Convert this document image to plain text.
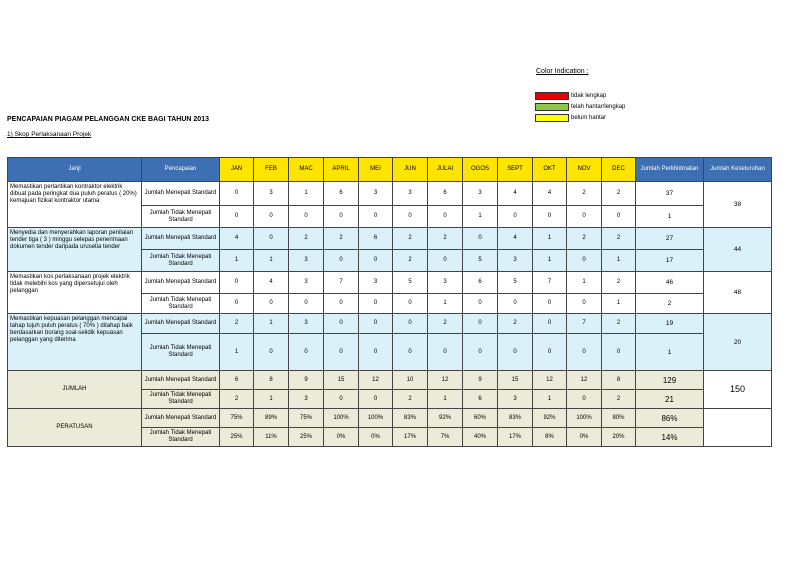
Color Indication :
tidak lengkap
telah hantar/lengkap
belum hantar
PENCAPAIAN PIAGAM PELANGGAN CKE BAGI TAHUN 2013
1) Skop Perlaksanaan Projek
Janji	Pencapaian	JAN	FEB	MAC	APRIL	MEI	JUN	JULAI	OGOS	SEPT	OKT	NOV	DEC	Jumlah Perkhidmatan	Jumlah Keseluruhan
Memastikan perlantikan kontraktor elektrik dibuat pada peringkat dua puluh peratus ( 20%) kemajuan fizikal kontraktor utama	Jumlah Menepati Standard	0	3	1	6	3	3	6	3	4	4	2	2	37	38
	Jumlah Tidak Menepati Standard	0	0	0	0	0	0	0	1	0	0	0	0	1	
Menyedia dan menyerahkan laporan penilaian tender tiga ( 3 ) minggu selepas penerimaan dokumen tender daripada urusetia tender	Jumlah Menepati Standard	4	0	2	2	6	2	2	0	4	1	2	2	27	44
	Jumlah Tidak Menepati Standard	1	1	3	0	0	2	0	5	3	1	0	1	17	
Memastikan kos perlaksanaan projek elektrik tidak melebihi kos yang dipersetujui oleh pelanggan	Jumlah Menepati Standard	0	4	3	7	3	5	3	6	5	7	1	2	46	48
	Jumlah Tidak Menepati Standard	0	0	0	0	0	0	1	0	0	0	0	1	2	
Memastikan kepuasan pelanggan mencapai tahap tujuh puluh peratus ( 70% ) ditahap baik berdasarkan borang soal-selidik kepuasan pelanggan yang diterima	Jumlah Menepati Standard	2	1	3	0	0	0	2	0	2	0	7	2	19	20
	Jumlah Tidak Menepati Standard	1	0	0	0	0	0	0	0	0	0	0	0	1	
JUMLAH	Jumlah Menepati Standard	6	8	9	15	12	10	12	9	15	12	12	8	129	150
	Jumlah Tidak Menepati Standard	2	1	3	0	0	2	1	6	3	1	0	2	21	
PERATUSAN	Jumlah Menepati Standard	75%	89%	75%	100%	100%	83%	92%	60%	83%	92%	100%	80%	86%	
	Jumlah Tidak Menepati Standard	25%	11%	25%	0%	0%	17%	7%	40%	17%	8%	0%	20%	14%	
